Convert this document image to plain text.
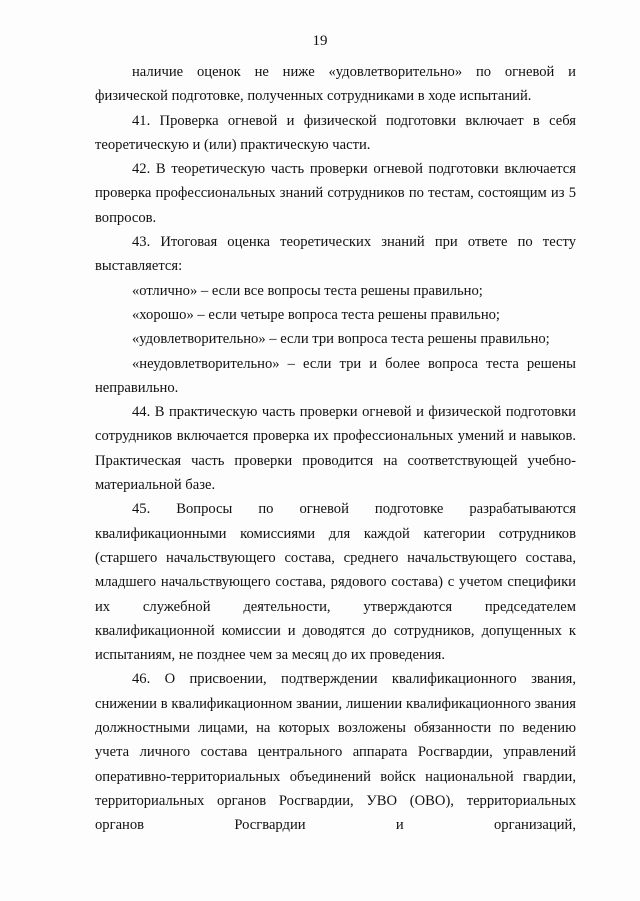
19

наличие оценок не ниже «удовлетворительно» по огневой и физической подготовке, полученных сотрудниками в ходе испытаний.

41. Проверка огневой и физической подготовки включает в себя теоретическую и (или) практическую части.

42. В теоретическую часть проверки огневой подготовки включается проверка профессиональных знаний сотрудников по тестам, состоящим из 5 вопросов.

43. Итоговая оценка теоретических знаний при ответе по тесту выставляется:

«отлично» – если все вопросы теста решены правильно;

«хорошо» – если четыре вопроса теста решены правильно;

«удовлетворительно» – если три вопроса теста решены правильно;

«неудовлетворительно» – если три и более вопроса теста решены неправильно.

44. В практическую часть проверки огневой и физической подготовки сотрудников включается проверка их профессиональных умений и навыков. Практическая часть проверки проводится на соответствующей учебно-материальной базе.

45. Вопросы по огневой подготовке разрабатываются квалификационными комиссиями для каждой категории сотрудников (старшего начальствующего состава, среднего начальствующего состава, младшего начальствующего состава, рядового состава) с учетом специфики их служебной деятельности, утверждаются председателем квалификационной комиссии и доводятся до сотрудников, допущенных к испытаниям, не позднее чем за месяц до их проведения.

46. О присвоении, подтверждении квалификационного звания, снижении в квалификационном звании, лишении квалификационного звания должностными лицами, на которых возложены обязанности по ведению учета личного состава центрального аппарата Росгвардии, управлений оперативно-территориальных объединений войск национальной гвардии, территориальных органов Росгвардии, УВО (ОВО), территориальных органов Росгвардии и организаций,
